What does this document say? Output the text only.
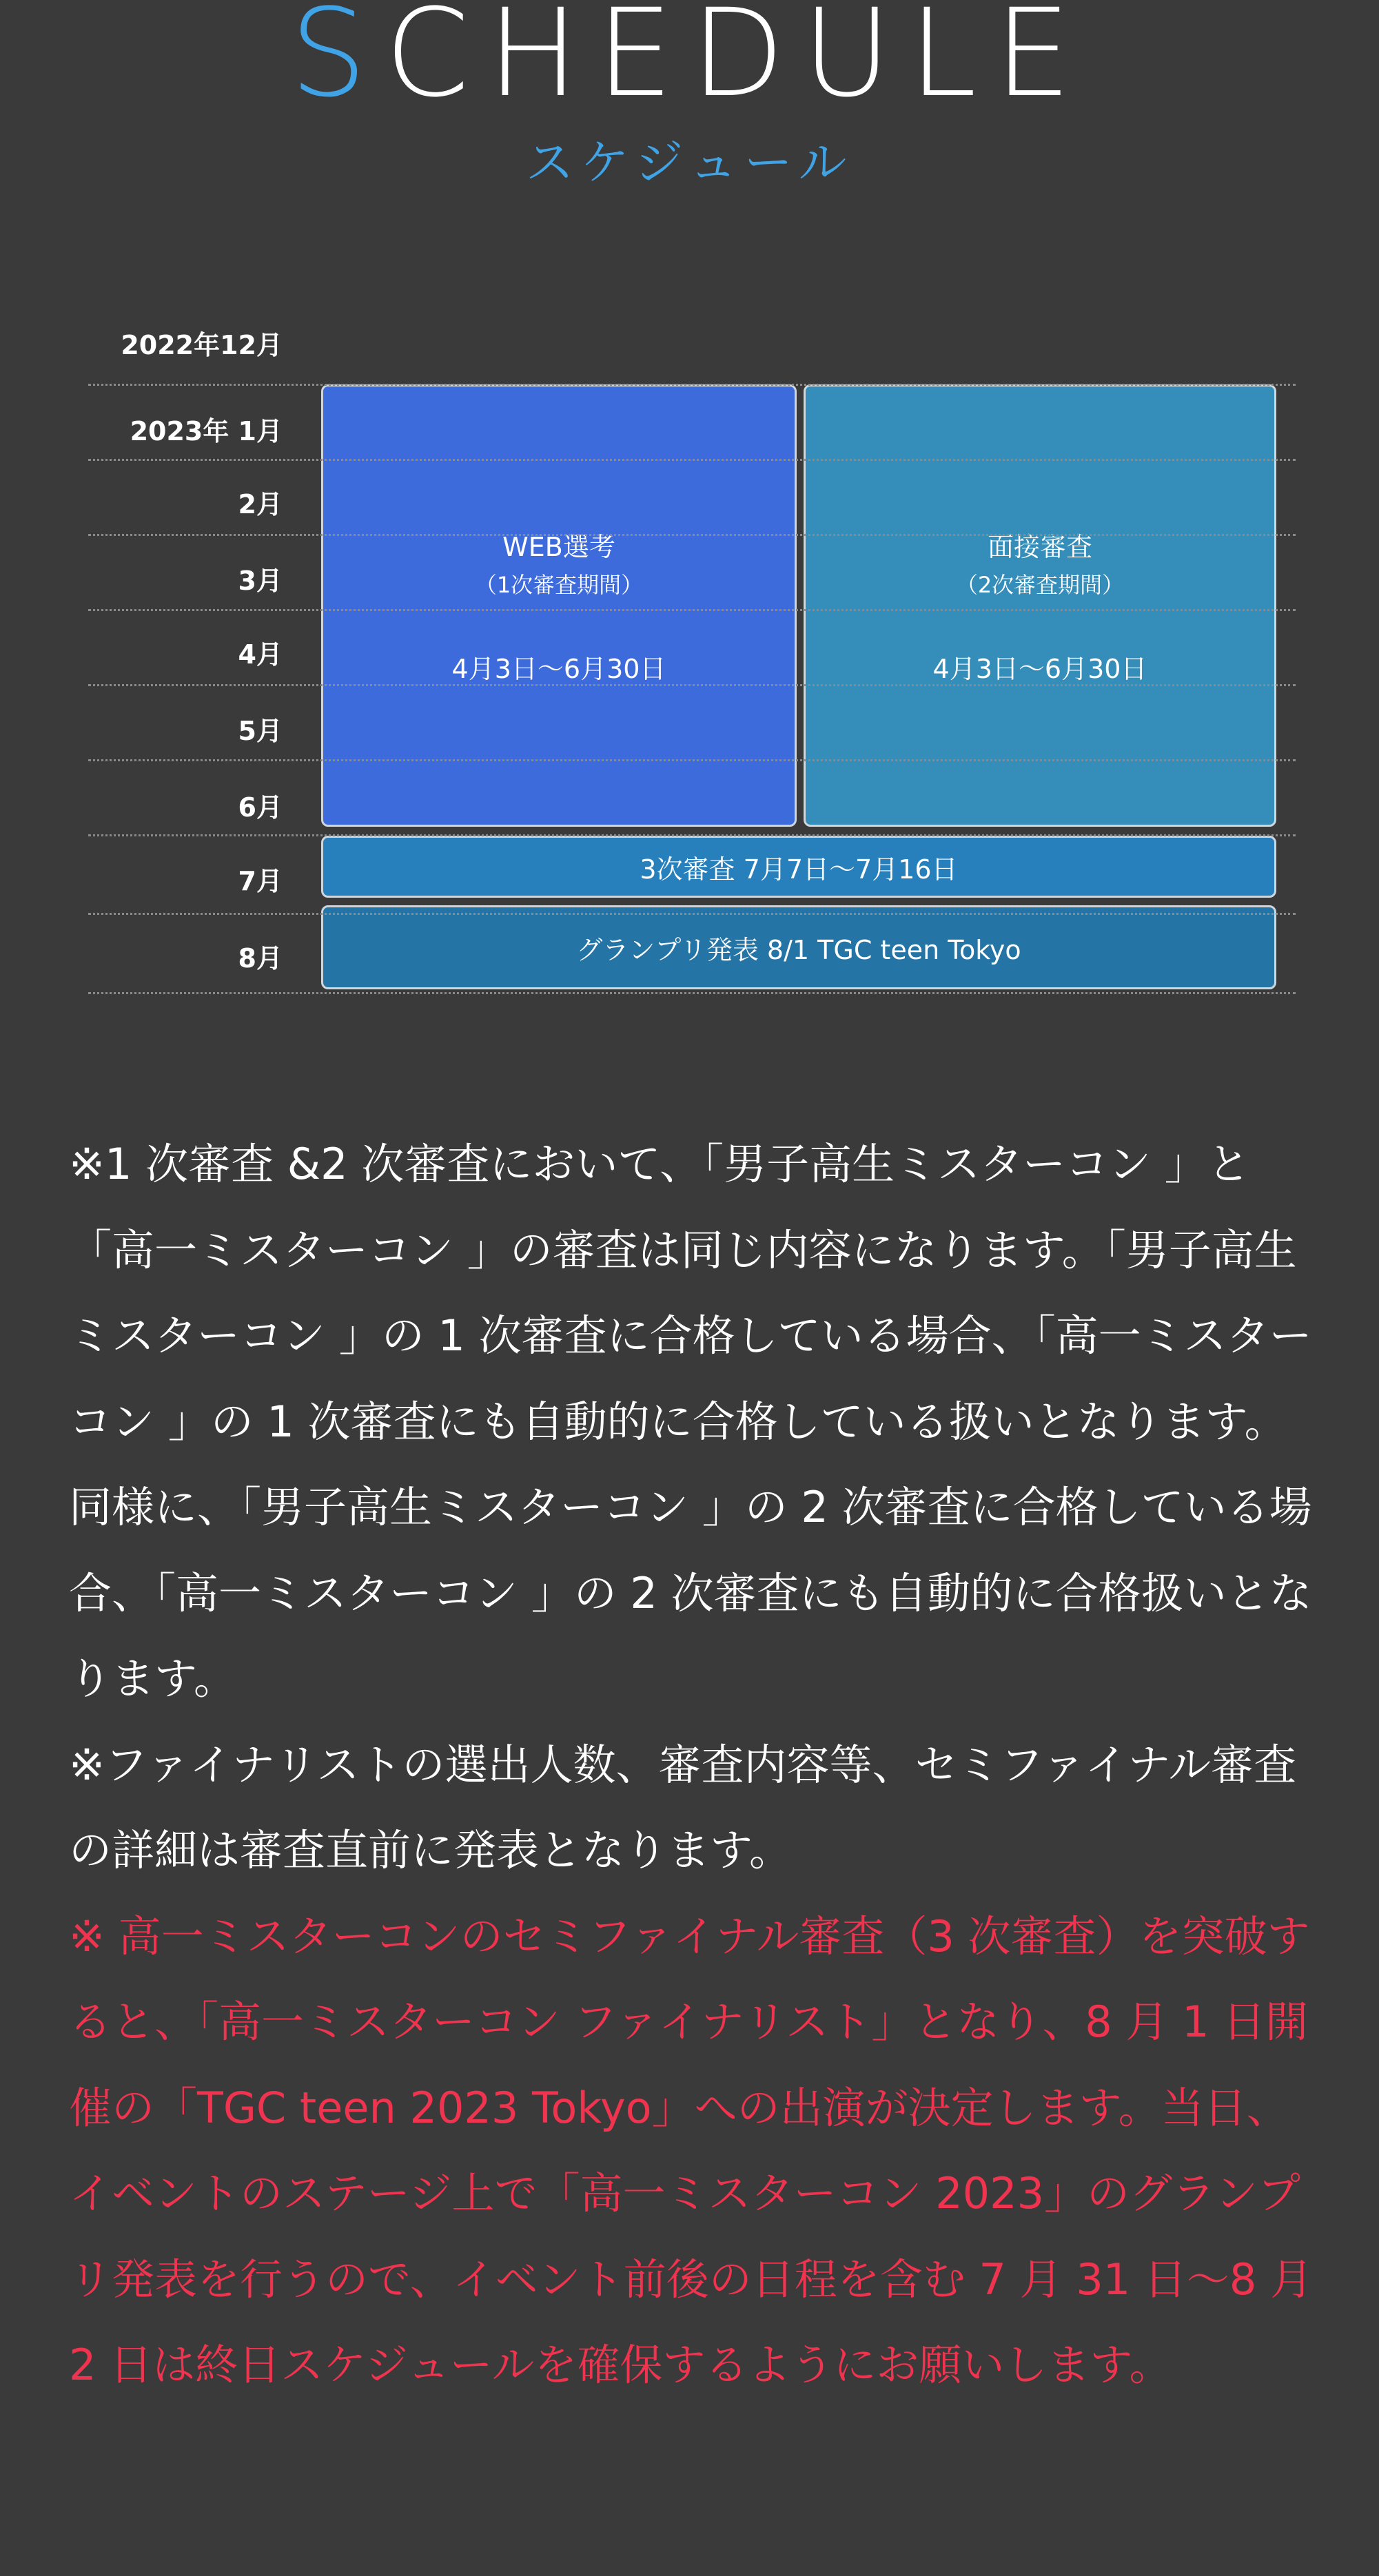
SCHEDULE
スケジュール
2022年12月
2023年 1月
2月
3月
4月
5月
6月
7月
8月
WEB選考
（1次審査期間）
4月3日〜6月30日
面接審査
（2次審査期間）
4月3日〜6月30日
3次審査 7月7日〜7月16日
グランプリ発表 8/1 TGC teen Tokyo

※1 次審査 &2 次審査において、「男子高生ミスターコン 」と「高一ミスターコン 」の審査は同じ内容になります。｢男子高生ミスターコン 」の 1 次審査に合格している場合、「高一ミスターコン 」の 1 次審査にも自動的に合格している扱いとなります。

同様に、「男子高生ミスターコン 」の 2 次審査に合格している場合、「高一ミスターコン 」の 2 次審査にも自動的に合格扱いとなります。

※ファイナリストの選出人数、審査内容等、セミファイナル審査の詳細は審査直前に発表となります。

※ 高一ミスターコンのセミファイナル審査（3 次審査）を突破すると、「高一ミスターコン ファイナリスト」となり、8 月 1 日開催の「TGC teen 2023 Tokyo」への出演が決定します。当日、イベントのステージ上で「高一ミスターコン 2023」のグランプリ発表を行うので、イベント前後の日程を含む 7 月 31 日〜8 月 2 日は終日スケジュールを確保するようにお願いします。
